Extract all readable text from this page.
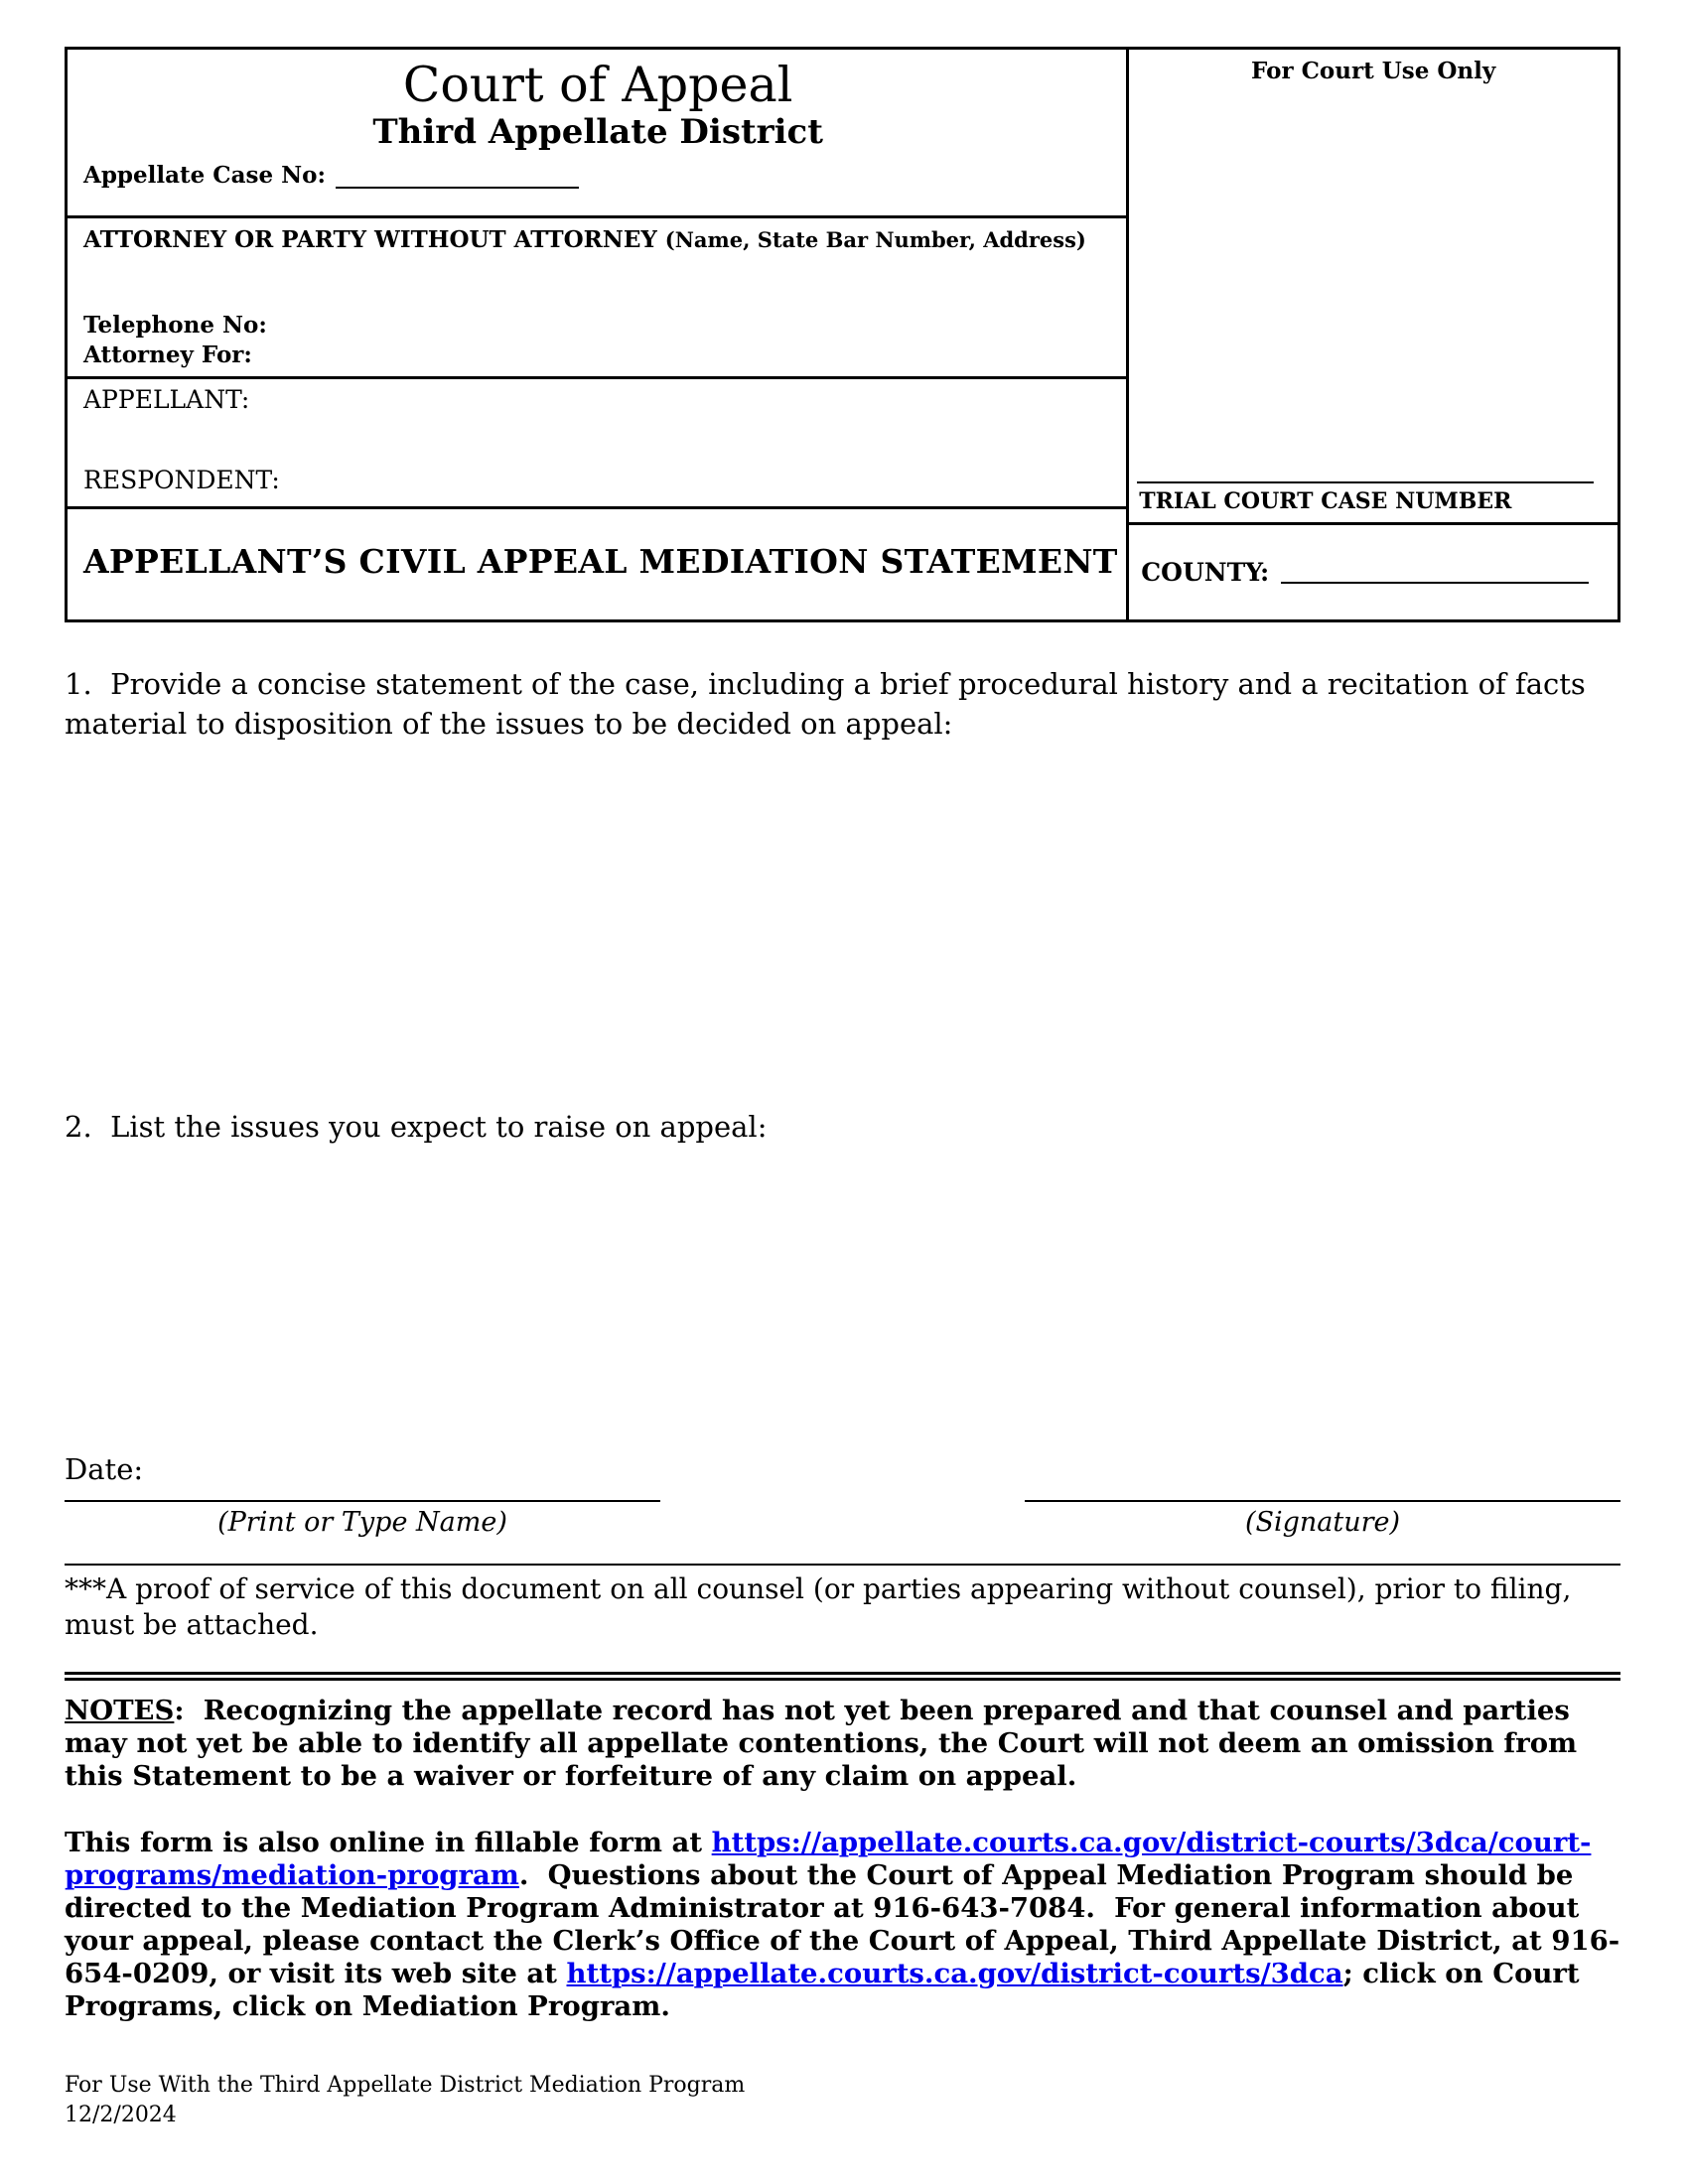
Court of Appeal
Third Appellate District
Appellate Case No:
ATTORNEY OR PARTY WITHOUT ATTORNEY (Name, State Bar Number, Address)
Telephone No:
Attorney For:
APPELLANT:
RESPONDENT:
APPELLANT’S CIVIL APPEAL MEDIATION STATEMENT
For Court Use Only
TRIAL COURT CASE NUMBER
COUNTY:

1.  Provide a concise statement of the case, including a brief procedural history and a recitation of facts material to disposition of the issues to be decided on appeal:

2.  List the issues you expect to raise on appeal:

Date:
(Print or Type Name)	(Signature)

***A proof of service of this document on all counsel (or parties appearing without counsel), prior to filing, must be attached.

NOTES:  Recognizing the appellate record has not yet been prepared and that counsel and parties may not yet be able to identify all appellate contentions, the Court will not deem an omission from this Statement to be a waiver or forfeiture of any claim on appeal.

This form is also online in fillable form at https://appellate.courts.ca.gov/district-courts/3dca/court-programs/mediation-program.  Questions about the Court of Appeal Mediation Program should be directed to the Mediation Program Administrator at 916-643-7084.  For general information about your appeal, please contact the Clerk’s Office of the Court of Appeal, Third Appellate District, at 916-654-0209, or visit its web site at https://appellate.courts.ca.gov/district-courts/3dca; click on Court Programs, click on Mediation Program.

For Use With the Third Appellate District Mediation Program
12/2/2024
